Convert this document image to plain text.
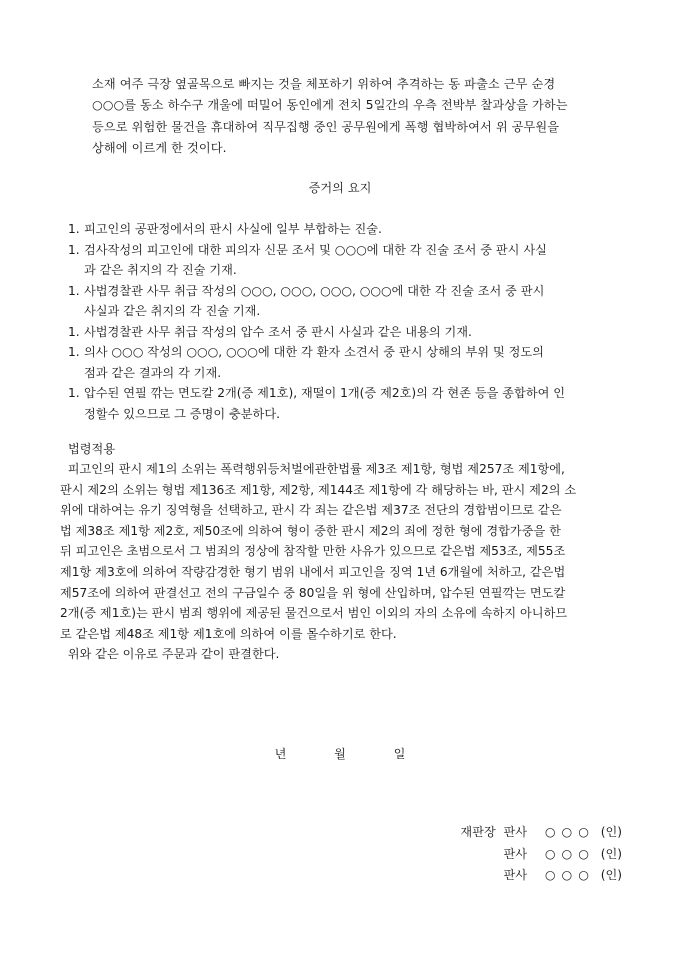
소재 여주 극장 옆골목으로 빠지는 것을 체포하기 위하여 추격하는 동 파출소 근무 순경
○○○를 동소 하수구 개울에 떠밀어 동인에게 전치 5일간의 우측 전박부 찰과상을 가하는
등으로 위험한 물건을 휴대하여 직무집행 중인 공무원에게 폭행 협박하여서 위 공무원을
상해에 이르게 한 것이다.
증거의 요지
1. 피고인의 공판정에서의 판시 사실에 일부 부합하는 진술.
1. 검사작성의 피고인에 대한 피의자 신문 조서 및 ○○○에 대한 각 진술 조서 중 판시 사실
과 같은 취지의 각 진술 기재.
1. 사법경찰관 사무 취급 작성의 ○○○, ○○○, ○○○, ○○○에 대한 각 진술 조서 중 판시
사실과 같은 취지의 각 진술 기재.
1. 사법경찰관 사무 취급 작성의 압수 조서 중 판시 사실과 같은 내용의 기재.
1. 의사 ○○○ 작성의 ○○○, ○○○에 대한 각 환자 소견서 중 판시 상해의 부위 및 정도의
점과 같은 결과의 각 기재.
1. 압수된 연필 깎는 면도칼 2개(증 제1호), 재떨이 1개(증 제2호)의 각 현존 등을 종합하여 인
정할수 있으므로 그 증명이 충분하다.
법령적용
피고인의 판시 제1의 소위는 폭력행위등처벌에관한법률 제3조 제1항, 형법 제257조 제1항에,
판시 제2의 소위는 형법 제136조 제1항, 제2항, 제144조 제1항에 각 해당하는 바, 판시 제2의 소
위에 대하여는 유기 징역형을 선택하고, 판시 각 죄는 같은법 제37조 전단의 경합범이므로 같은
법 제38조 제1항 제2호, 제50조에 의하여 형이 중한 판시 제2의 죄에 정한 형에 경합가중을 한
뒤 피고인은 초범으로서 그 범죄의 정상에 참작할 만한 사유가 있으므로 같은법 제53조, 제55조
제1항 제3호에 의하여 작량감경한 형기 범위 내에서 피고인을 징역 1년 6개월에 처하고, 같은법
제57조에 의하여 판결선고 전의 구금일수 중 80일을 위 형에 산입하며, 압수된 연필깍는 면도칼
2개(증 제1호)는 판시 범죄 행위에 제공된 물건으로서 범인 이외의 자의 소유에 속하지 아니하므
로 같은법 제48조 제1항 제1호에 의하여 이를 몰수하기로 한다.
위와 같은 이유로 주문과 같이 판결한다.
년	월	일
재판장  판사 ○○○ (인)
판사 ○○○ (인)
판사 ○○○ (인)
